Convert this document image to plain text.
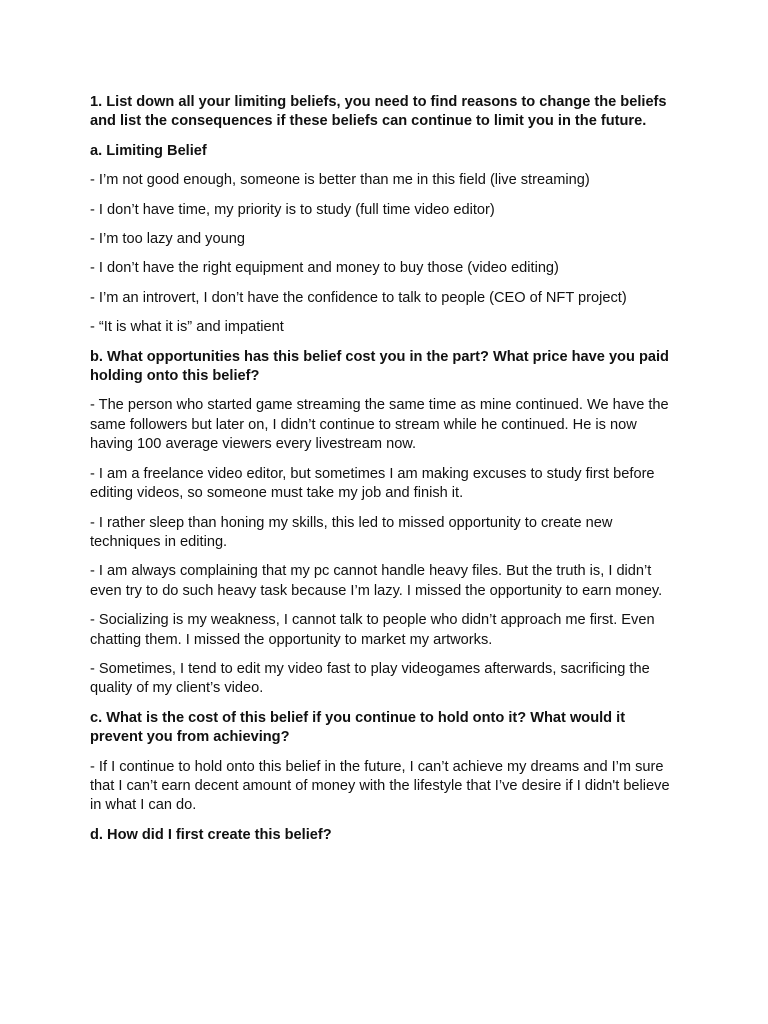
1. List down all your limiting beliefs, you need to find reasons to change the beliefs and list the consequences if these beliefs can continue to limit you in the future.

a. Limiting Belief

- I’m not good enough, someone is better than me in this field (live streaming)

- I don’t have time, my priority is to study (full time video editor)

- I’m too lazy and young

- I don’t have the right equipment and money to buy those (video editing)

- I’m an introvert, I don’t have the confidence to talk to people (CEO of NFT project)

- “It is what it is” and impatient

b. What opportunities has this belief cost you in the part? What price have you paid holding onto this belief?

- The person who started game streaming the same time as mine continued. We have the same followers but later on, I didn’t continue to stream while he continued. He is now having 100 average viewers every livestream now.

- I am a freelance video editor, but sometimes I am making excuses to study first before editing videos, so someone must take my job and finish it.

- I rather sleep than honing my skills, this led to missed opportunity to create new techniques in editing.

- I am always complaining that my pc cannot handle heavy files. But the truth is, I didn’t even try to do such heavy task because I’m lazy. I missed the opportunity to earn money.

- Socializing is my weakness, I cannot talk to people who didn’t approach me first. Even chatting them. I missed the opportunity to market my artworks.

- Sometimes, I tend to edit my video fast to play videogames afterwards, sacrificing the quality of my client’s video.

c. What is the cost of this belief if you continue to hold onto it? What would it prevent you from achieving?

- If I continue to hold onto this belief in the future, I can’t achieve my dreams and I’m sure that I can’t earn decent amount of money with the lifestyle that I’ve desire if I didn't believe in what I can do.

d. How did I first create this belief?
